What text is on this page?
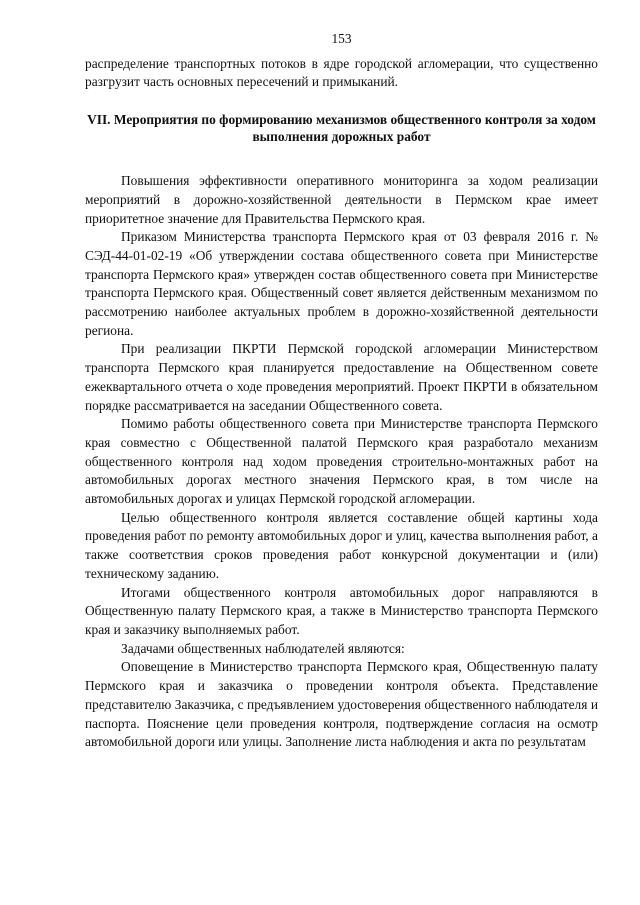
153

распределение транспортных потоков в ядре городской агломерации, что существенно разгрузит часть основных пересечений и примыканий.

VII. Мероприятия по формированию механизмов общественного контроля за ходом выполнения дорожных работ

Повышения эффективности оперативного мониторинга за ходом реализации мероприятий в дорожно-хозяйственной деятельности в Пермском крае имеет приоритетное значение для Правительства Пермского края.

Приказом Министерства транспорта Пермского края от 03 февраля 2016 г. № СЭД-44-01-02-19 «Об утверждении состава общественного совета при Министерстве транспорта Пермского края» утвержден состав общественного совета при Министерстве транспорта Пермского края. Общественный совет является действенным механизмом по рассмотрению наиболее актуальных проблем в дорожно-хозяйственной деятельности региона.

При реализации ПКРТИ Пермской городской агломерации Министерством транспорта Пермского края планируется предоставление на Общественном совете ежеквартального отчета о ходе проведения мероприятий. Проект ПКРТИ в обязательном порядке рассматривается на заседании Общественного совета.

Помимо работы общественного совета при Министерстве транспорта Пермского края совместно с Общественной палатой Пермского края разработало механизм общественного контроля над ходом проведения строительно-монтажных работ на автомобильных дорогах местного значения Пермского края, в том числе на автомобильных дорогах и улицах Пермской городской агломерации.

Целью общественного контроля является составление общей картины хода проведения работ по ремонту автомобильных дорог и улиц, качества выполнения работ, а также соответствия сроков проведения работ конкурсной документации и (или) техническому заданию.

Итогами общественного контроля автомобильных дорог направляются в Общественную палату Пермского края, а также в Министерство транспорта Пермского края и заказчику выполняемых работ.

Задачами общественных наблюдателей являются:

Оповещение в Министерство транспорта Пермского края, Общественную палату Пермского края и заказчика о проведении контроля объекта. Представление представителю Заказчика, с предъявлением удостоверения общественного наблюдателя и паспорта. Пояснение цели проведения контроля, подтверждение согласия на осмотр автомобильной дороги или улицы. Заполнение листа наблюдения и акта по результатам
